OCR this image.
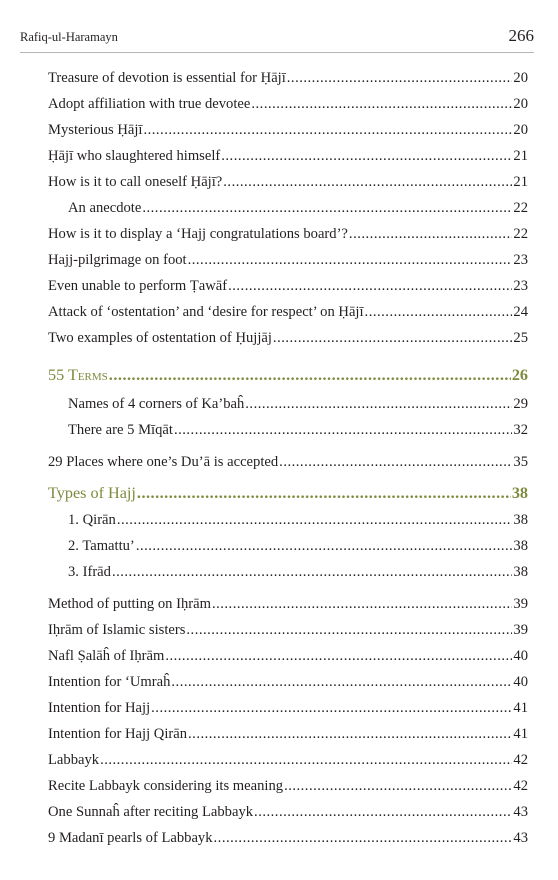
Rafiq-ul-Haramayn	266
Treasure of devotion is essential for Ḥājī .....	20
Adopt affiliation with true devotee .....	20
Mysterious Ḥājī .....	20
Ḥājī who slaughtered himself .....	21
How is it to call oneself Ḥājī? .....	21
An anecdote .....	22
How is it to display a ‘Hajj congratulations board’? .....	22
Hajj-pilgrimage on foot .....	23
Even unable to perform Ṭawāf .....	23
Attack of ‘ostentation’ and ‘desire for respect’ on Ḥājī .....	24
Two examples of ostentation of Ḥujjāj .....	25
55 Terms .....	26
Names of 4 corners of Ka’baĥ .....	29
There are 5 Mīqāt .....	32
29 Places where one’s Du’ā is accepted .....	35
Types of Hajj .....	38
1. Qirān .....	38
2. Tamattu’ .....	38
3. Ifrād .....	38
Method of putting on Iḥrām .....	39
Iḥrām of Islamic sisters .....	39
Nafl Ṣalāĥ of Iḥrām .....	40
Intention for ‘Umraĥ .....	40
Intention for Hajj .....	41
Intention for Hajj Qirān .....	41
Labbayk .....	42
Recite Labbayk considering its meaning .....	42
One Sunnaĥ after reciting Labbayk .....	43
9 Madanī pearls of Labbayk .....	43
